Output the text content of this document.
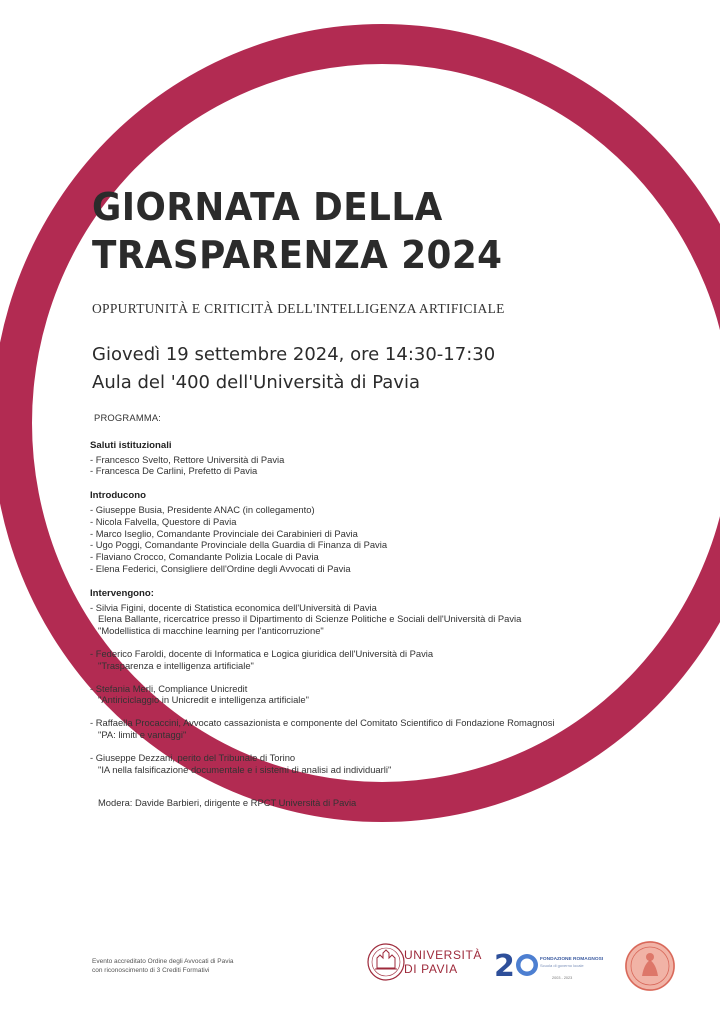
GIORNATA DELLA
TRASPARENZA 2024
OPPURTUNITÀ E CRITICITÀ DELL'INTELLIGENZA ARTIFICIALE
Giovedì 19 settembre 2024, ore 14:30-17:30
Aula del '400 dell'Università di Pavia
PROGRAMMA:
Saluti istituzionali
- Francesco Svelto, Rettore Università di Pavia
- Francesca De Carlini, Prefetto di Pavia
Introducono
- Giuseppe Busia, Presidente ANAC (in collegamento)
- Nicola Falvella, Questore di Pavia
- Marco Iseglio, Comandante Provinciale dei Carabinieri di Pavia
- Ugo Poggi, Comandante Provinciale della Guardia di Finanza di Pavia
- Flaviano Crocco, Comandante Polizia Locale di Pavia
- Elena Federici, Consigliere dell'Ordine degli Avvocati di Pavia
Intervengono:
- Silvia Figini, docente di Statistica economica dell'Università di Pavia
Elena Ballante, ricercatrice presso il Dipartimento di Scienze Politiche e Sociali dell'Università di Pavia
"Modellistica di macchine learning per l'anticorruzione"
- Federico Faroldi, docente di Informatica e Logica giuridica dell'Università di Pavia
"Trasparenza e intelligenza artificiale"
- Stefania Merli, Compliance Unicredit
"Antiriciclaggio in Unicredit e intelligenza artificiale"
- Raffaella Procaccini, Avvocato cassazionista e componente del Comitato Scientifico di Fondazione Romagnosi
"PA: limiti e vantaggi"
- Giuseppe Dezzani, perito del Tribunale di Torino
"IA nella falsificazione documentale e i sistemi di analisi ad individuarli"
Modera: Davide Barbieri, dirigente e RPCT Università di Pavia
Evento accreditato Ordine degli Avvocati di Pavia
con riconoscimento di 3 Crediti Formativi
UNIVERSITÀ
DI PAVIA	2	FONDAZIONE ROMAGNOSI
Scuola di governo locale
2003 - 2023
